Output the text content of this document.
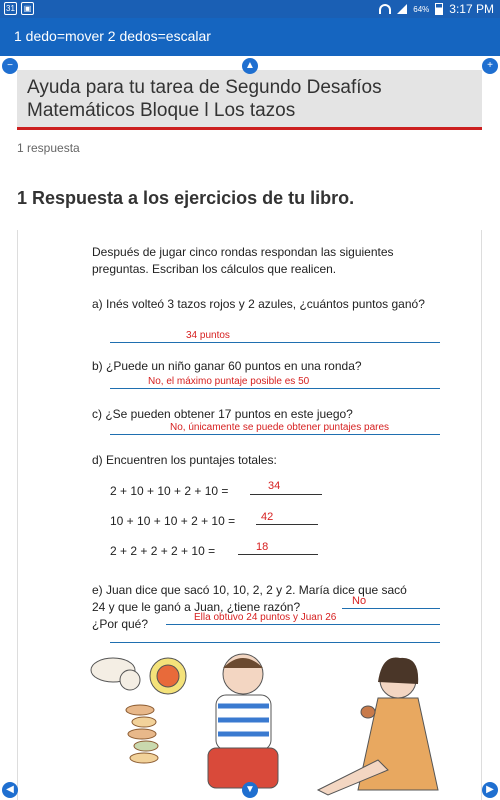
31	▣	64% 3:17 PM
1 dedo=mover 2 dedos=escalar
Ayuda para tu tarea de Segundo Desafíos Matemáticos Bloque l Los tazos
1 respuesta
1 Respuesta a los ejercicios de tu libro.
Después de jugar cinco rondas respondan las siguientes preguntas. Escriban los cálculos que realicen.
a) Inés volteó 3 tazos rojos y 2 azules, ¿cuántos puntos ganó?
34 puntos
b) ¿Puede un niño ganar 60 puntos en una ronda?
No, el máximo puntaje posible es 50
c) ¿Se pueden obtener 17 puntos en este juego?
No, únicamente se puede obtener puntajes pares
d) Encuentren los puntajes totales:
2 + 10 + 10 + 2 + 10 =	34
10 + 10 + 10 + 2 + 10 = 42
2 + 2 + 2 + 2 + 10 =	18
e) Juan dice que sacó 10, 10, 2, 2 y 2. María dice que sacó
24 y que le ganó a Juan, ¿tiene razón?	No
¿Por qué?	Ella obtuvo 24 puntos y Juan 26
−	▲	+
◀	▼	▶
